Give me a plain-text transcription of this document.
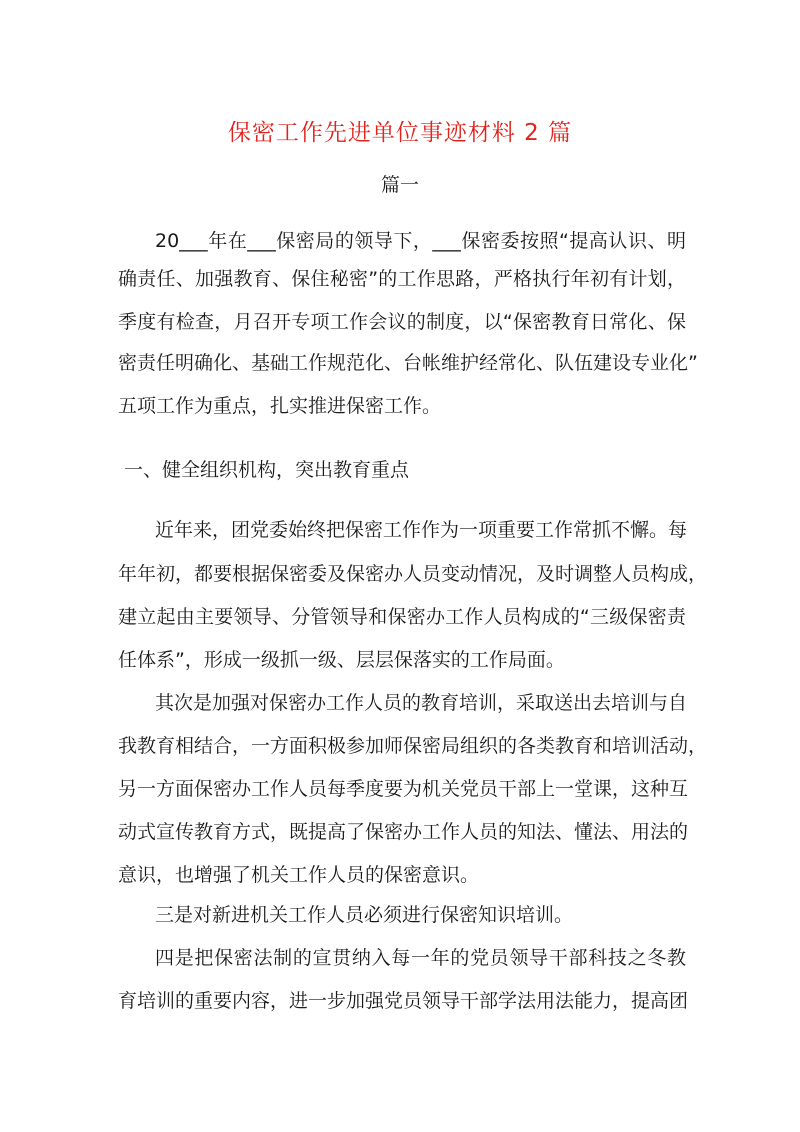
保密工作先进单位事迹材料 2 篇
篇一
20___年在___保密局的领导下，___保密委按照“提高认识、明
确责任、加强教育、保住秘密”的工作思路，严格执行年初有计划，
季度有检查，月召开专项工作会议的制度，以“保密教育日常化、保
密责任明确化、基础工作规范化、台帐维护经常化、队伍建设专业化”
五项工作为重点，扎实推进保密工作。
一、健全组织机构，突出教育重点
近年来，团党委始终把保密工作作为一项重要工作常抓不懈。每
年年初，都要根据保密委及保密办人员变动情况，及时调整人员构成，
建立起由主要领导、分管领导和保密办工作人员构成的“三级保密责
任体系”，形成一级抓一级、层层保落实的工作局面。
其次是加强对保密办工作人员的教育培训，采取送出去培训与自
我教育相结合，一方面积极参加师保密局组织的各类教育和培训活动，
另一方面保密办工作人员每季度要为机关党员干部上一堂课，这种互
动式宣传教育方式，既提高了保密办工作人员的知法、懂法、用法的
意识，也增强了机关工作人员的保密意识。
三是对新进机关工作人员必须进行保密知识培训。
四是把保密法制的宣贯纳入每一年的党员领导干部科技之冬教
育培训的重要内容，进一步加强党员领导干部学法用法能力，提高团
